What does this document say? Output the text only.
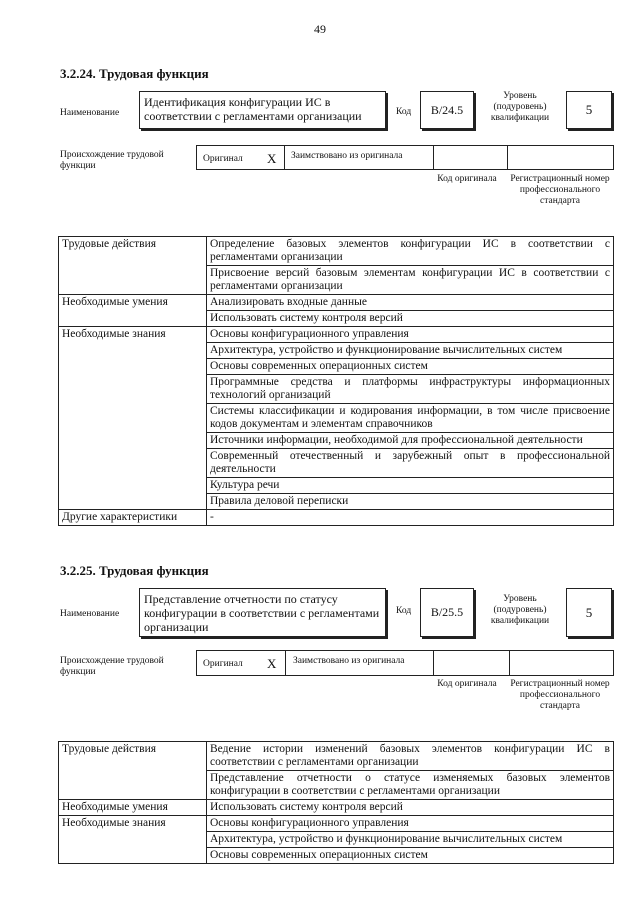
49
3.2.24. Трудовая функция
Наименование
Идентификация конфигурации ИС в соответствии с регламентами организации	Код	B/24.5
Уровень (подуровень) квалификации
5
Происхождение трудовой функции
Оригинал X Заимствовано из оригинала
Код оригинала	Регистрационный номер профессионального стандарта
Трудовые действия	Определение базовых элементов конфигурации ИС в соответствии с регламентами организации
	Присвоение версий базовым элементам конфигурации ИС в соответствии с регламентами организации
Необходимые умения	Анализировать входные данные
	Использовать систему контроля версий
Необходимые знания	Основы конфигурационного управления
	Архитектура, устройство и функционирование вычислительных систем
	Основы современных операционных систем
	Программные средства и платформы инфраструктуры информационных технологий организаций
	Системы классификации и кодирования информации, в том числе присвоение кодов документам и элементам справочников
	Источники информации, необходимой для профессиональной деятельности
	Современный отечественный и зарубежный опыт в профессиональной деятельности
	Культура речи
	Правила деловой переписки
Другие характеристики	-
3.2.25. Трудовая функция
Наименование
Представление отчетности по статусу конфигурации в соответствии с регламентами организации
Код	B/25.5
Уровень (подуровень) квалификации
5
Происхождение трудовой функции
Оригинал X Заимствовано из оригинала
Код оригинала	Регистрационный номер профессионального стандарта
Трудовые действия	Ведение истории изменений базовых элементов конфигурации ИС в соответствии с регламентами организации
	Представление отчетности о статусе изменяемых базовых элементов конфигурации в соответствии с регламентами организации
Необходимые умения	Использовать систему контроля версий
Необходимые знания	Основы конфигурационного управления
	Архитектура, устройство и функционирование вычислительных систем
	Основы современных операционных систем
